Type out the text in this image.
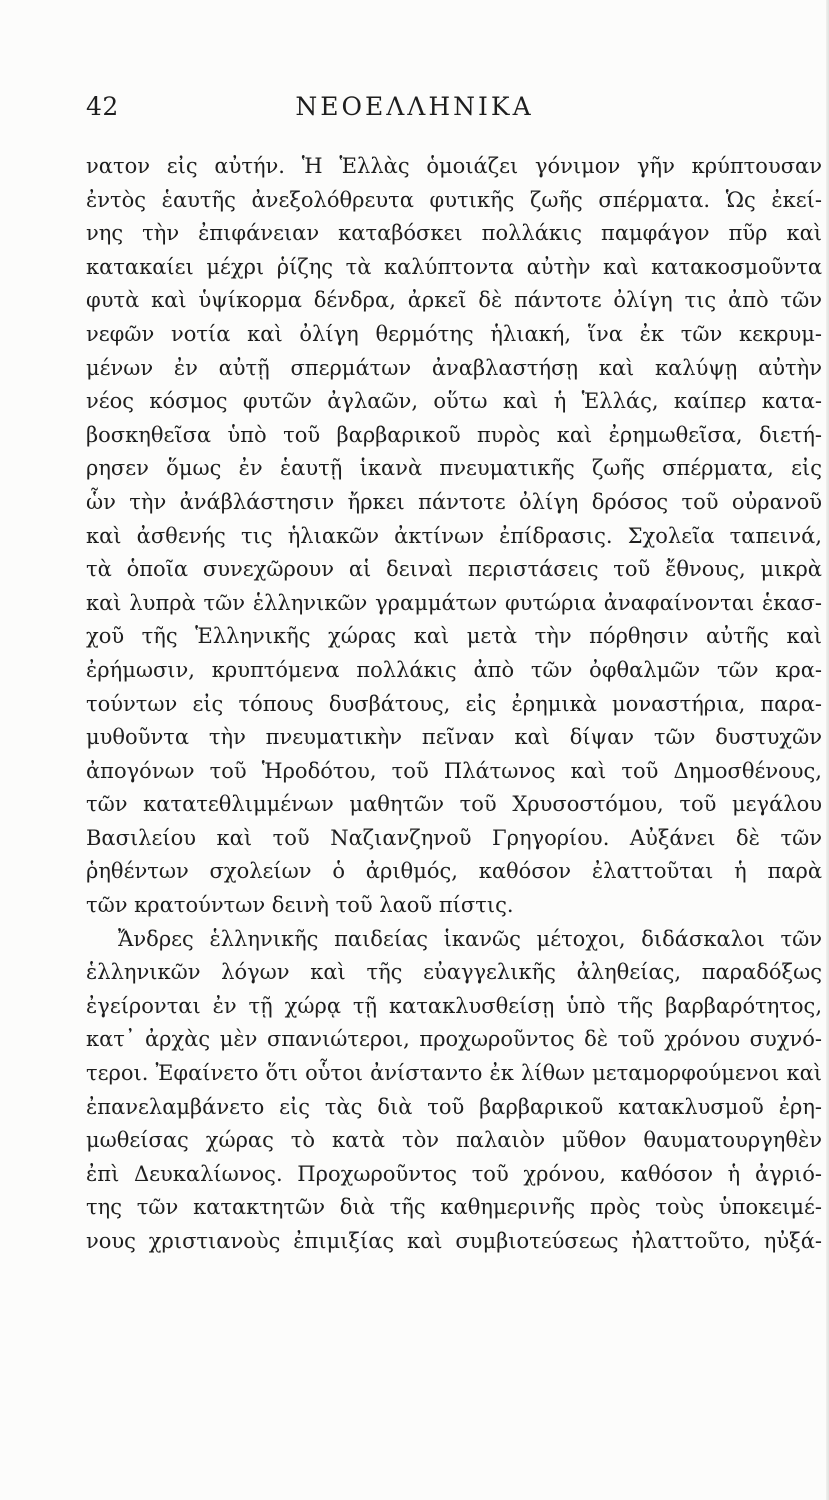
42	ΝΕΟΕΛΛΗΝΙΚΑ
νατον εἰς αὐτήν. Ἡ Ἑλλὰς ὁμοιάζει γόνιμον γῆν κρύπτουσαν
ἐντὸς ἑαυτῆς ἀνεξολόθρευτα φυτικῆς ζωῆς σπέρματα. Ὡς ἐκεί-
νης τὴν ἐπιφάνειαν καταβόσκει πολλάκις παμφάγον πῦρ καὶ
κατακαίει μέχρι ῥίζης τὰ καλύπτοντα αὐτὴν καὶ κατακοσμοῦντα
φυτὰ καὶ ὑψίκορμα δένδρα, ἀρκεῖ δὲ πάντοτε ὀλίγη τις ἀπὸ τῶν
νεφῶν νοτία καὶ ὀλίγη θερμότης ἡλιακή, ἵνα ἐκ τῶν κεκρυμ-
μένων ἐν αὐτῇ σπερμάτων ἀναβλαστήσῃ καὶ καλύψῃ αὐτὴν
νέος κόσμος φυτῶν ἀγλαῶν, οὕτω καὶ ἡ Ἑλλάς, καίπερ κατα-
βοσκηθεῖσα ὑπὸ τοῦ βαρβαρικοῦ πυρὸς καὶ ἐρημωθεῖσα, διετή-
ρησεν ὅμως ἐν ἑαυτῇ ἱκανὰ πνευματικῆς ζωῆς σπέρματα, εἰς
ὧν τὴν ἀνάβλάστησιν ἤρκει πάντοτε ὀλίγη δρόσος τοῦ οὐρανοῦ
καὶ ἀσθενής τις ἡλιακῶν ἀκτίνων ἐπίδρασις. Σχολεῖα ταπεινά,
τὰ ὁποῖα συνεχῶρουν αἱ δειναὶ περιστάσεις τοῦ ἔθνους, μικρὰ
καὶ λυπρὰ τῶν ἑλληνικῶν γραμμάτων φυτώρια ἀναφαίνονται ἑκασ-
χοῦ τῆς Ἑλληνικῆς χώρας καὶ μετὰ τὴν πόρθησιν αὐτῆς καὶ
ἐρήμωσιν, κρυπτόμενα πολλάκις ἀπὸ τῶν ὀφθαλμῶν τῶν κρα-
τούντων εἰς τόπους δυσβάτους, εἰς ἐρημικὰ μοναστήρια, παρα-
μυθοῦντα τὴν πνευματικὴν πεῖναν καὶ δίψαν τῶν δυστυχῶν
ἀπογόνων τοῦ Ἡροδότου, τοῦ Πλάτωνος καὶ τοῦ Δημοσθένους,
τῶν κατατεθλιμμένων μαθητῶν τοῦ Χρυσοστόμου, τοῦ μεγάλου
Βασιλείου καὶ τοῦ Ναζιανζηνοῦ Γρηγορίου. Αὐξάνει δὲ τῶν
ῥηθέντων σχολείων ὁ ἀριθμός, καθόσον ἐλαττοῦται ἡ παρὰ
τῶν κρατούντων δεινὴ τοῦ λαοῦ πίστις.
Ἄνδρες ἑλληνικῆς παιδείας ἱκανῶς μέτοχοι, διδάσκαλοι τῶν
ἑλληνικῶν λόγων καὶ τῆς εὐαγγελικῆς ἀληθείας, παραδόξως
ἐγείρονται ἐν τῇ χώρᾳ τῇ κατακλυσθείσῃ ὑπὸ τῆς βαρβαρότητος,
κατ᾽ ἀρχὰς μὲν σπανιώτεροι, προχωροῦντος δὲ τοῦ χρόνου συχνό-
τεροι. Ἐφαίνετο ὅτι οὗτοι ἀνίσταντο ἐκ λίθων μεταμορφούμενοι καὶ
ἐπανελαμβάνετο εἰς τὰς διὰ τοῦ βαρβαρικοῦ κατακλυσμοῦ ἐρη-
μωθείσας χώρας τὸ κατὰ τὸν παλαιὸν μῦθον θαυματουργηθὲν
ἐπὶ Δευκαλίωνος. Προχωροῦντος τοῦ χρόνου, καθόσον ἡ ἀγριό-
της τῶν κατακτητῶν διὰ τῆς καθημερινῆς πρὸς τοὺς ὑποκειμέ-
νους χριστιανοὺς ἐπιμιξίας καὶ συμβιοτεύσεως ἠλαττοῦτο, ηὐξά-
